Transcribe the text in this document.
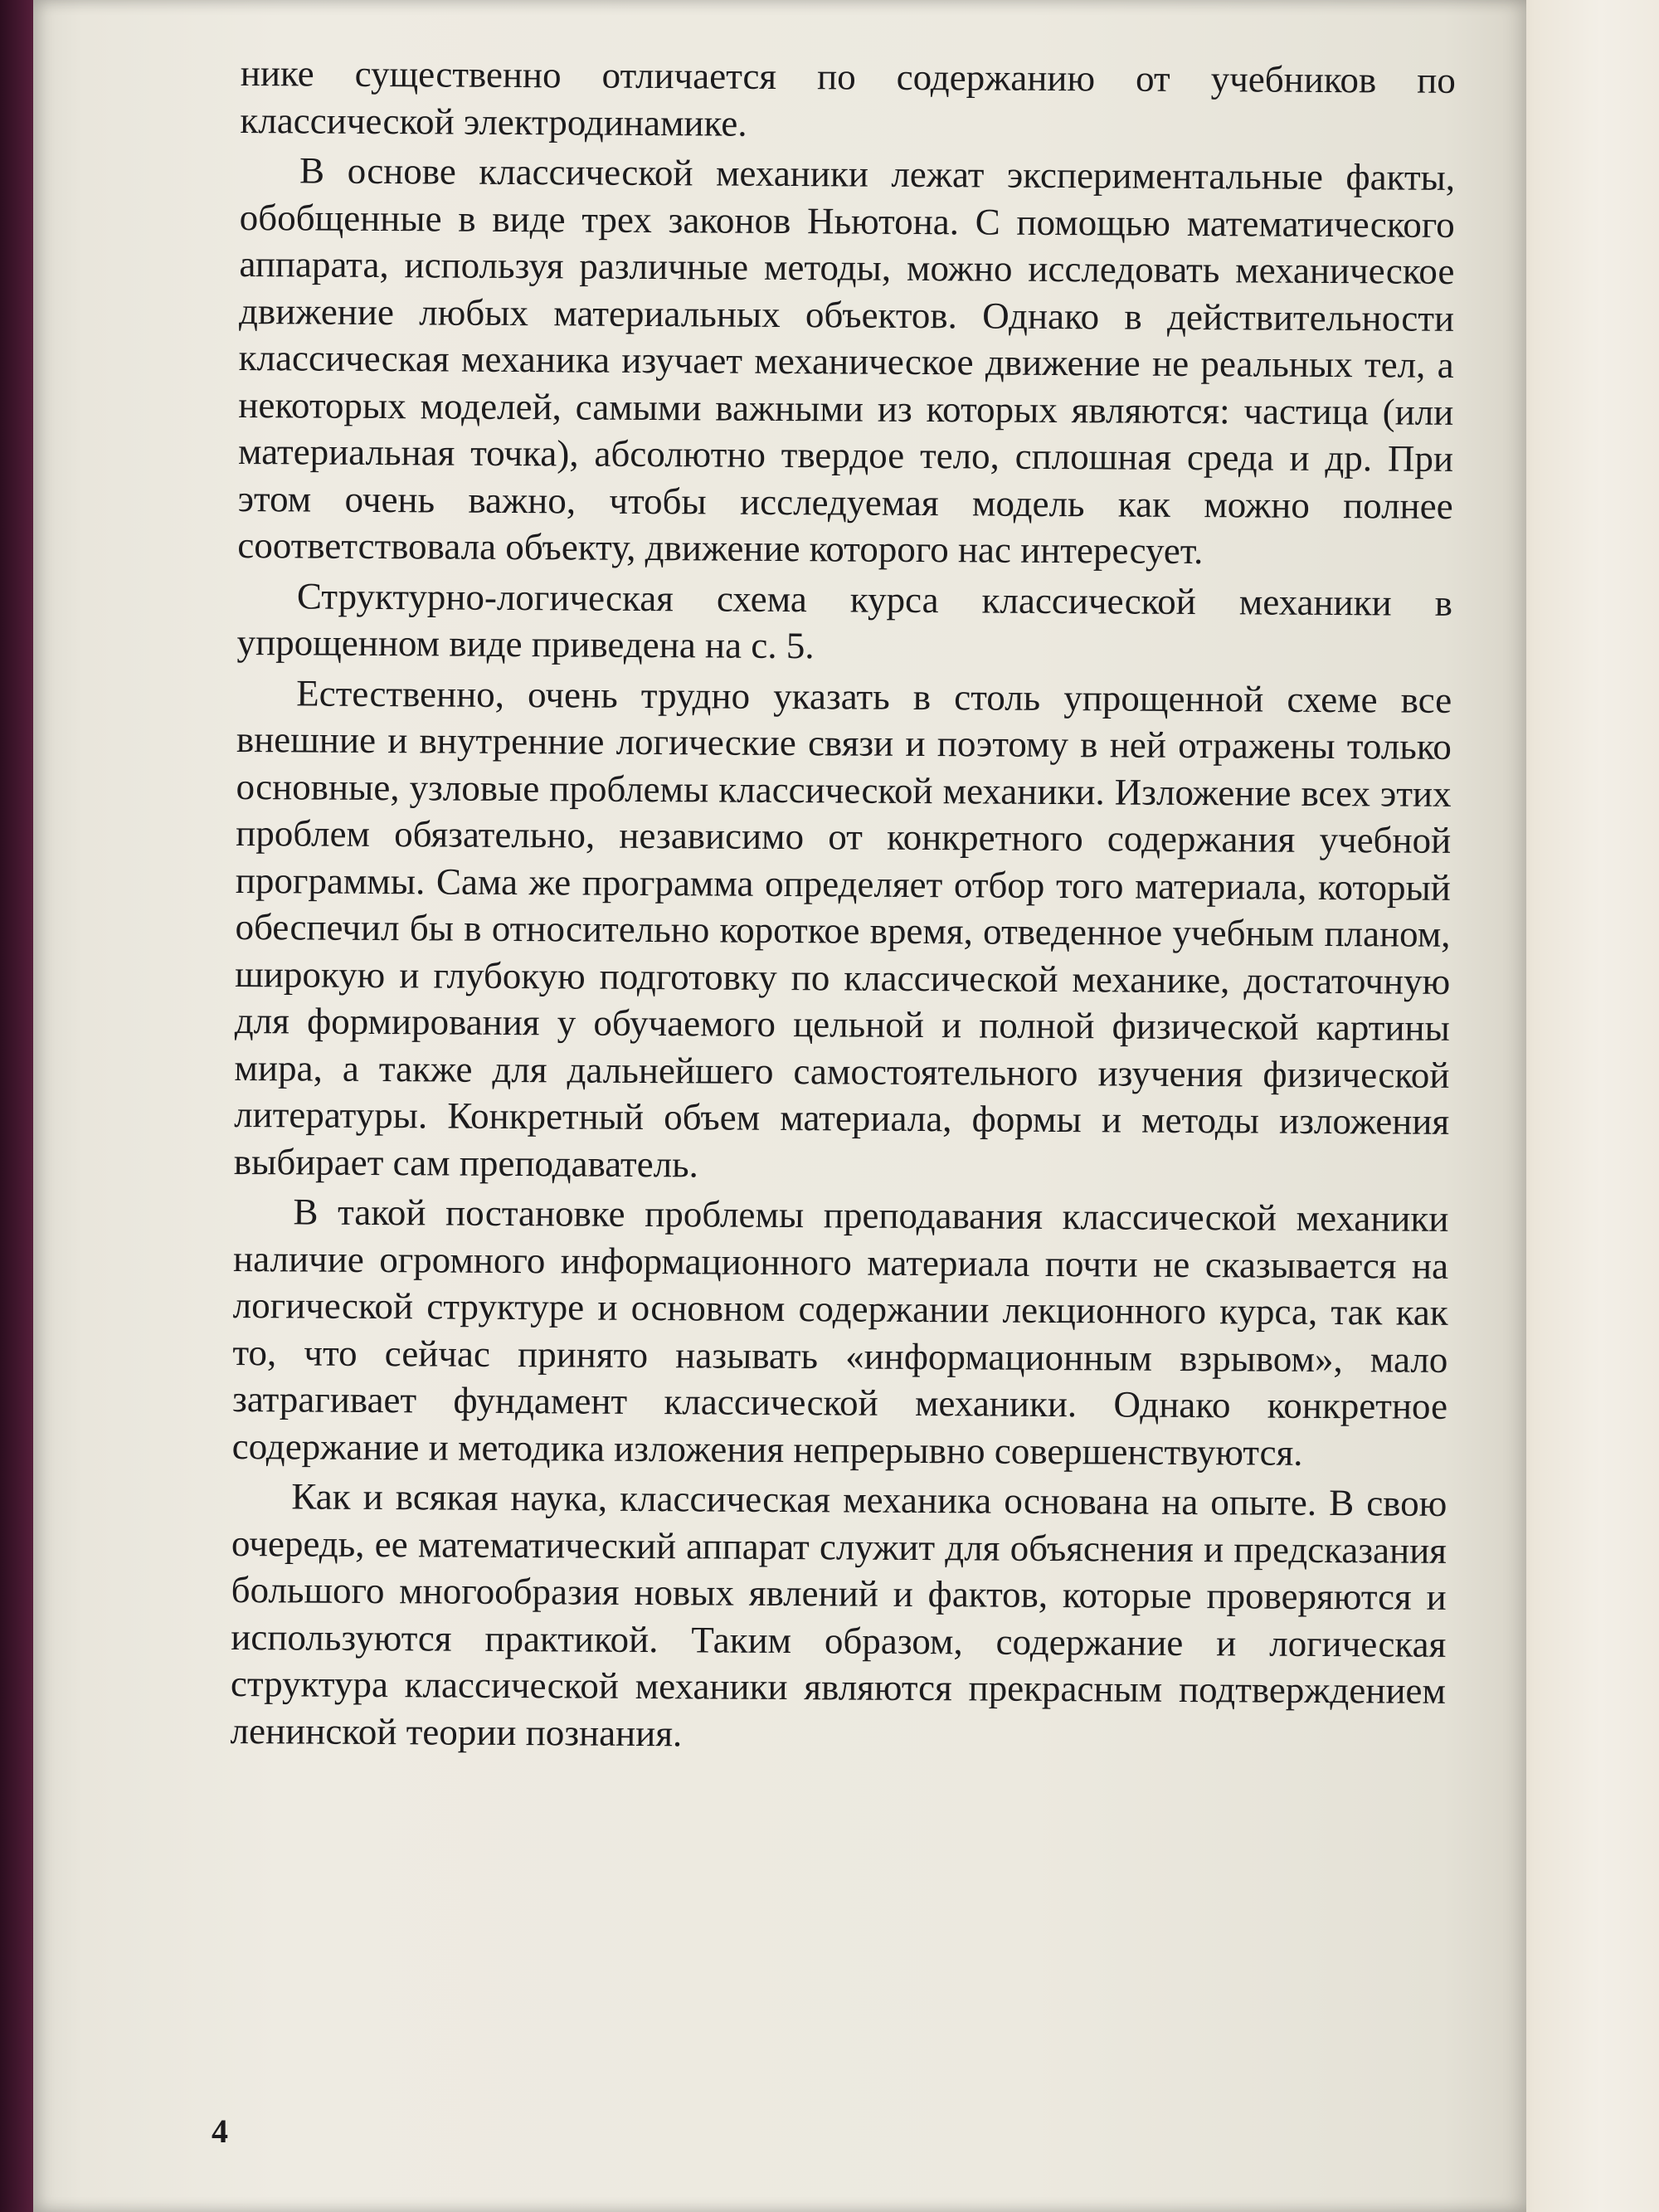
нике существенно отличается по содержанию от учебников по классической электродинамике.

В основе классической механики лежат экспериментальные факты, обобщенные в виде трех законов Ньютона. С помощью математического аппарата, используя различные методы, можно исследовать механическое движение любых материальных объектов. Однако в действительности классическая механика изучает механическое движение не реальных тел, а некоторых моделей, самыми важными из которых являются: частица (или материальная точка), абсолютно твердое тело, сплошная среда и др. При этом очень важно, чтобы исследуемая модель как можно полнее соответствовала объекту, движение которого нас интересует.

Структурно-логическая схема курса классической механики в упрощенном виде приведена на с. 5.

Естественно, очень трудно указать в столь упрощенной схеме все внешние и внутренние логические связи и поэтому в ней отражены только основные, узловые проблемы классической механики. Изложение всех этих проблем обязательно, независимо от конкретного содержания учебной программы. Сама же программа определяет отбор того материала, который обеспечил бы в относительно короткое время, отведенное учебным планом, широкую и глубокую подготовку по классической механике, достаточную для формирования у обучаемого цельной и полной физической картины мира, а также для дальнейшего самостоятельного изучения физической литературы. Конкретный объем материала, формы и методы изложения выбирает сам преподаватель.

В такой постановке проблемы преподавания классической механики наличие огромного информационного материала почти не сказывается на логической структуре и основном содержании лекционного курса, так как то, что сейчас принято называть «информационным взрывом», мало затрагивает фундамент классической механики. Однако конкретное содержание и методика изложения непрерывно совершенствуются.

Как и всякая наука, классическая механика основана на опыте. В свою очередь, ее математический аппарат служит для объяснения и предсказания большого многообразия новых явлений и фактов, которые проверяются и используются практикой. Таким образом, содержание и логическая структура классической механики являются прекрасным подтверждением ленинской теории познания.

4
